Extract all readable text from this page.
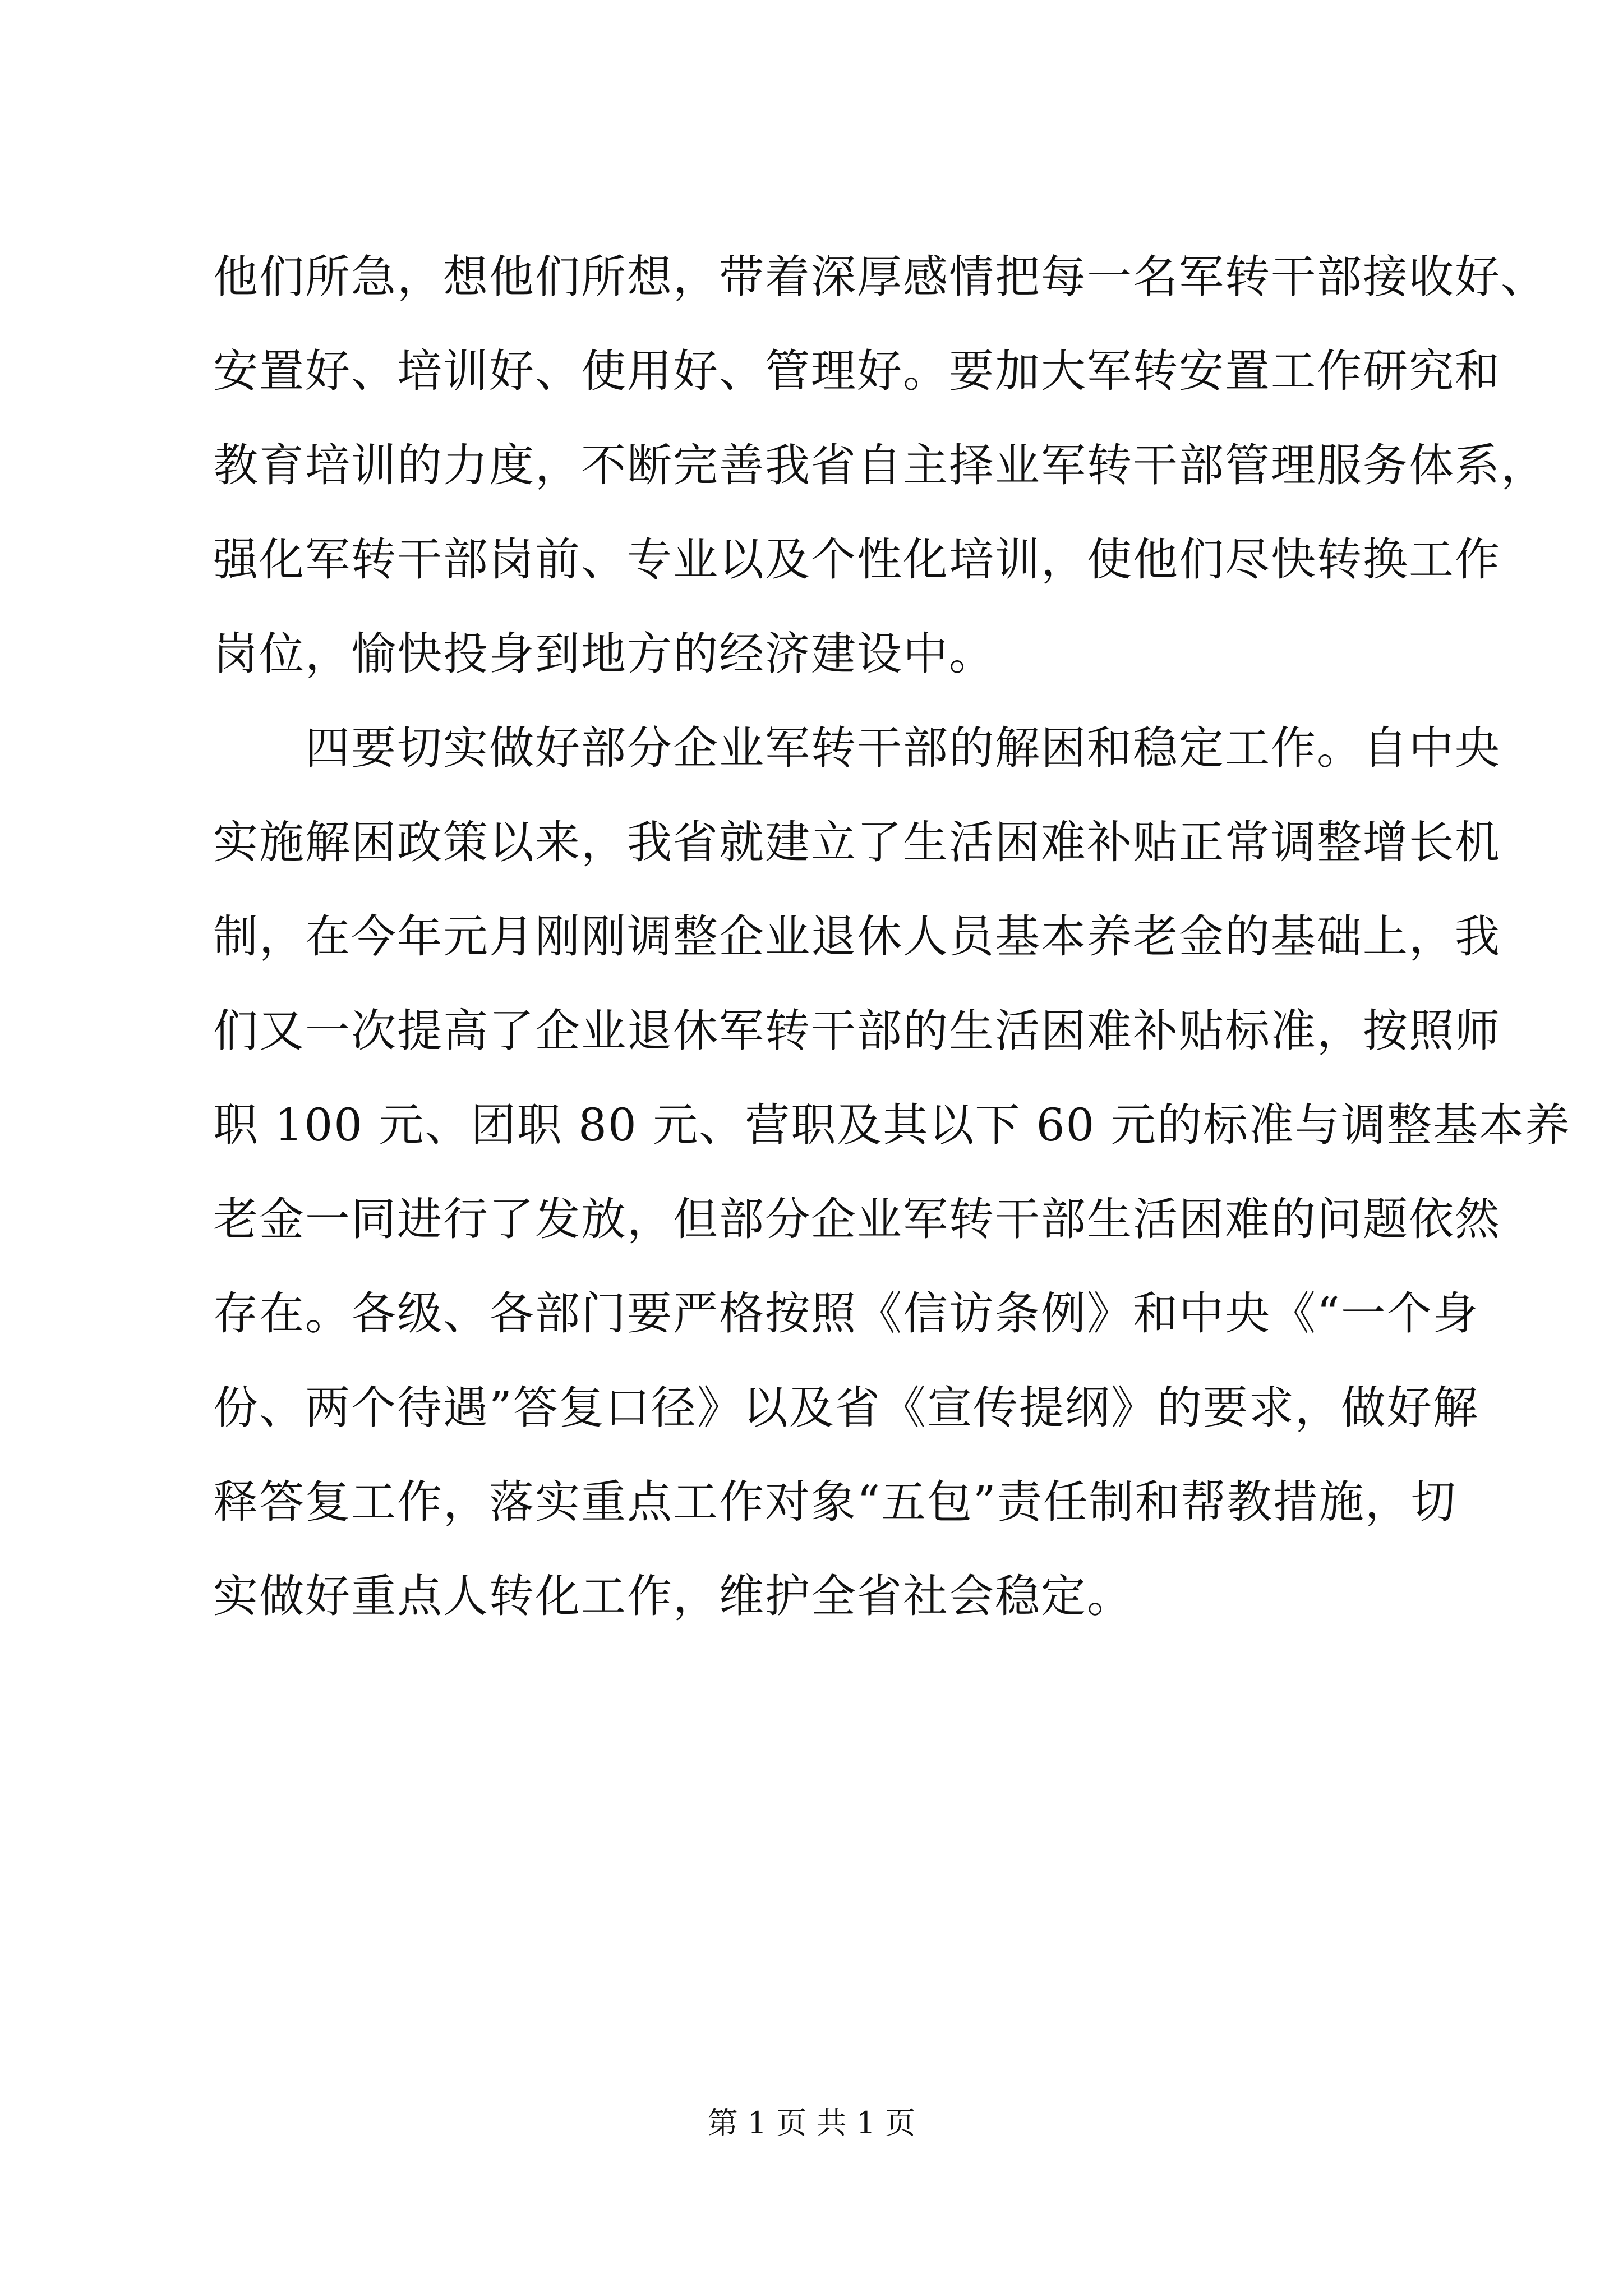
他们所急，想他们所想，带着深厚感情把每一名军转干部接收好、
安置好、培训好、使用好、管理好。要加大军转安置工作研究和
教育培训的力度，不断完善我省自主择业军转干部管理服务体系，
强化军转干部岗前、专业以及个性化培训，使他们尽快转换工作
岗位，愉快投身到地方的经济建设中。
四要切实做好部分企业军转干部的解困和稳定工作。自中央
实施解困政策以来，我省就建立了生活困难补贴正常调整增长机
制，在今年元月刚刚调整企业退休人员基本养老金的基础上，我
们又一次提高了企业退休军转干部的生活困难补贴标准，按照师
职 100 元、团职 80 元、营职及其以下 60 元的标准与调整基本养
老金一同进行了发放，但部分企业军转干部生活困难的问题依然
存在。各级、各部门要严格按照《信访条例》和中央《“一个身
份、两个待遇”答复口径》以及省《宣传提纲》的要求，做好解
释答复工作，落实重点工作对象“五包”责任制和帮教措施，切
实做好重点人转化工作，维护全省社会稳定。
第 1 页 共 1 页
